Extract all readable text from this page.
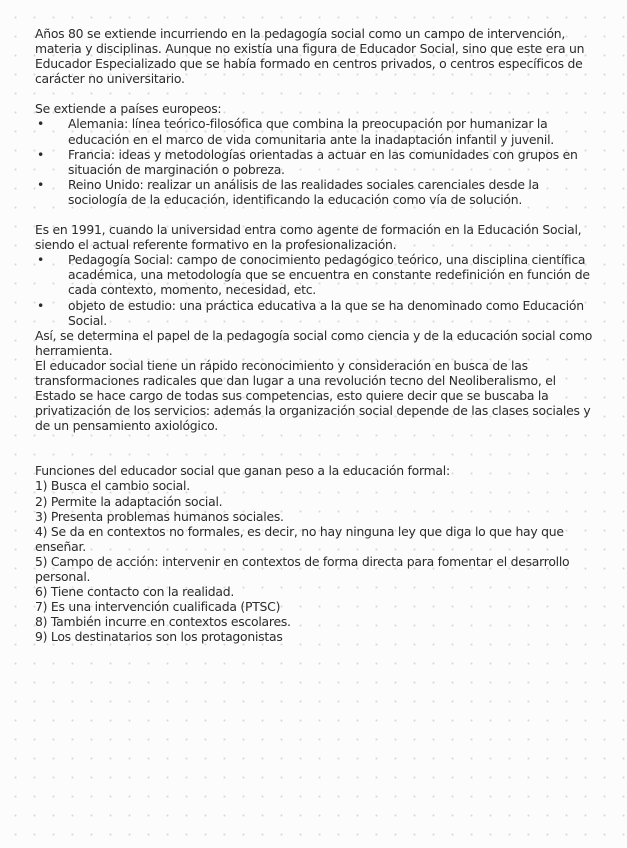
Años 80 se extiende incurriendo en la pedagogía social como un campo de intervención, materia y disciplinas. Aunque no existía una figura de Educador Social, sino que este era un Educador Especializado que se había formado en centros privados, o centros específicos de carácter no universitario.

Se extiende a países europeos:

• Alemania: línea teórico-filosófica que combina la preocupación por humanizar la educación en el marco de vida comunitaria ante la inadaptación infantil y juvenil.
• Francia: ideas y metodologías orientadas a actuar en las comunidades con grupos en situación de marginación o pobreza.
• Reino Unido: realizar un análisis de las realidades sociales carenciales desde la sociología de la educación, identificando la educación como vía de solución.

Es en 1991, cuando la universidad entra como agente de formación en la Educación Social, siendo el actual referente formativo en la profesionalización.

• Pedagogía Social: campo de conocimiento pedagógico teórico, una disciplina científica académica, una metodología que se encuentra en constante redefinición en función de cada contexto, momento, necesidad, etc.
• objeto de estudio: una práctica educativa a la que se ha denominado como Educación Social.

Así, se determina el papel de la pedagogía social como ciencia y de la educación social como herramienta.

El educador social tiene un rápido reconocimiento y consideración en busca de las transformaciones radicales que dan lugar a una revolución tecno del Neoliberalismo, el Estado se hace cargo de todas sus competencias, esto quiere decir que se buscaba la privatización de los servicios: además la organización social depende de las clases sociales y de un pensamiento axiológico.

Funciones del educador social que ganan peso a la educación formal:

1) Busca el cambio social.

2) Permite la adaptación social.

3) Presenta problemas humanos sociales.

4) Se da en contextos no formales, es decir, no hay ninguna ley que diga lo que hay que enseñar.

5) Campo de acción: intervenir en contextos de forma directa para fomentar el desarrollo personal.

6) Tiene contacto con la realidad.

7) Es una intervención cualificada (PTSC)

8) También incurre en contextos escolares.

9) Los destinatarios son los protagonistas
